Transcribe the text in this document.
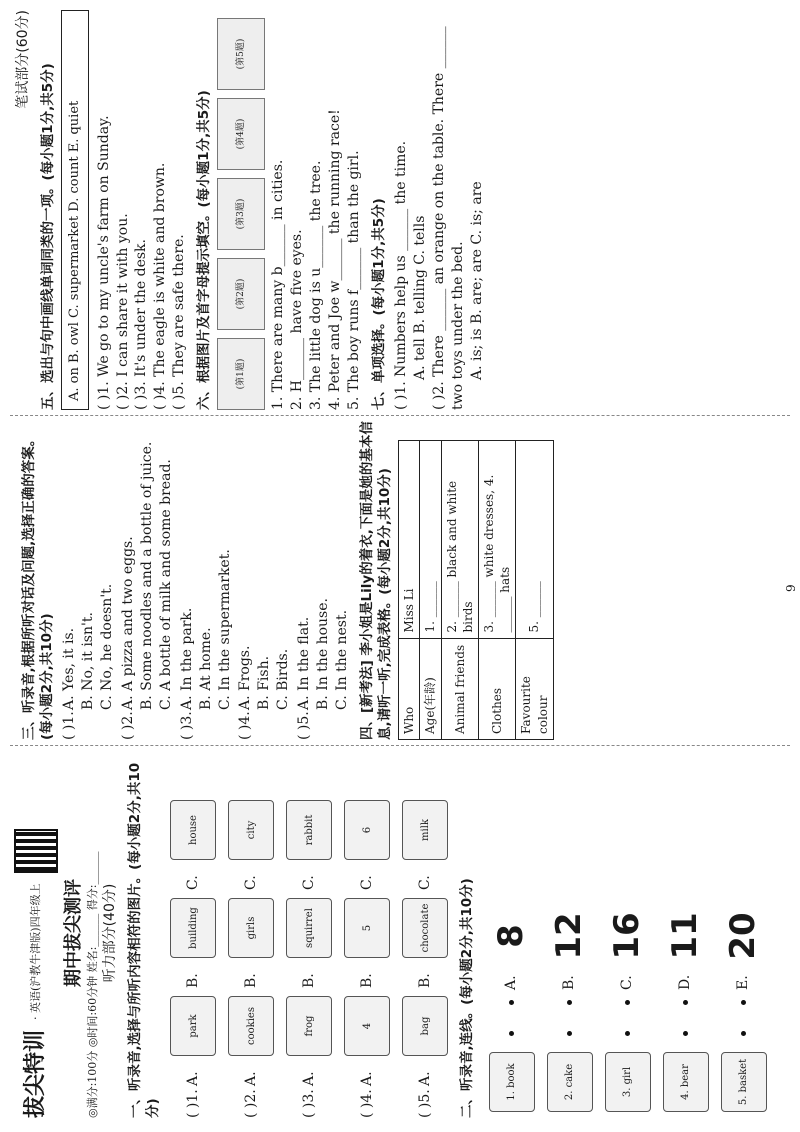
拔尖特训
· 英语(沪教牛津版)四年级上 期中拔尖测评 ◎满分:100分 ◎时间:60分钟 姓名:______ 得分:______ 听力部分(40分) 一、听录音,选择与所听内容相符的图片。(每小题2分,共10分) ( )1.
A.
park
B.
building
C.
house
( )2.
A.
cookies
B.
girls
C.
city
( )3.
A.
frog
B.
squirrel
C.
rabbit
( )4.
A.
4
B.
5
C.
6
( )5.
A.
bag
B.
chocolate
C.
milk
二、听录音,连线。(每小题2分,共10分)	1. book	2. cake	3. girl	4. bear	5. basket
A.
8
B.
12
C.
16
D.
11
E.
20
三、听录音,根据所听对话及问题,选择正确的答案。(每小题2分,共10分) ( )1.
A. Yes, it is. B. No, it isn't. C. No, he doesn't.
( )2.
A. A pizza and two eggs. B. Some noodles and a bottle of juice. C. A bottle of milk and some bread.
( )3.
A. In the park. B. At home. C. In the supermarket.
( )4.
A. Frogs. B. Fish. C. Birds.
( )5.
A. In the flat. B. In the house. C. In the nest. 四、[新考法] 李小姐是Lily的着衣,下面是她的基本信息,请听一听,完成表格。(每小题2分,共10分) Who	Miss Li
Age(年龄)	1. ______
Animal friends	2. ______ black and white birds
Clothes	3. ______ white dresses, 4. ______ hats
Favourite colour	5. ______
笔试部分(60分)
五、选出与句中画线单词同类的一项。(每小题1分,共5分) A. on B. owl C. supermarket D. count E. quiet ( )1. We go to my uncle's farm on Sunday. ( )2. I can share it with you. ( )3. It's under the desk. ( )4. The eagle is white and brown. ( )5. They are safe there. 六、根据图片及首字母提示填空。(每小题1分,共5分)	(第1题)
(第2题)
(第3题)
(第4题)
(第5题)
1. There are many b______ in cities. 2. H______ have five eyes. 3. The little dog is u______ the tree. 4. Peter and Joe w______ the running race! 5. The boy runs f______ than the girl. 七、单项选择。(每小题1分,共5分) ( )1. Numbers help us ______ the time. A. tell B. telling C. tells ( )2. There ______ an orange on the table. There ______ two toys under the bed. A. is; is B. are; are C. is; are
9
